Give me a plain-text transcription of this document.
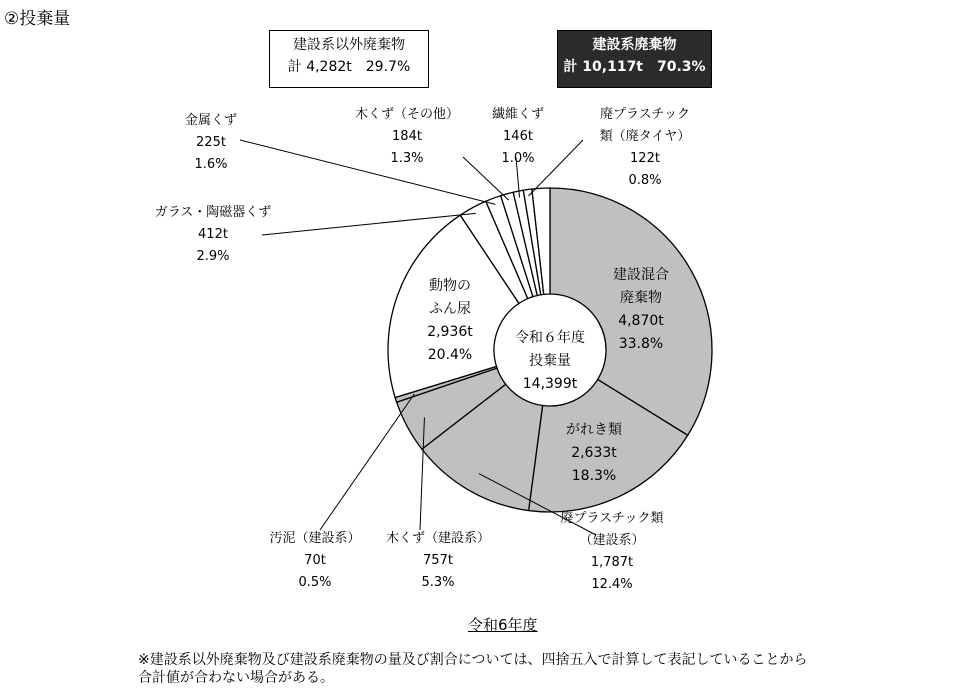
②投棄量
建設系以外廃棄物
計 4,282t　29.7%
建設系廃棄物
計 10,117t　70.3%
建設混合
廃棄物
4,870t
33.8%
がれき類
2,633t
18.3%
廃プラスチック類
（建設系）
1,787t
12.4%
木くず（建設系）
757t
5.3%
汚泥（建設系）
70t
0.5%
動物の
ふん尿
2,936t
20.4%
ガラス・陶磁器くず
412t
2.9%
金属くず
225t
1.6%
木くず（その他）
184t
1.3%
繊維くず
146t
1.0%
廃プラスチック
類（廃タイヤ）
122t
0.8%
令和６年度
投棄量
14,399t
令和6年度
※建設系以外廃棄物及び建設系廃棄物の量及び割合については、四捨五入で計算して表記していることから
合計値が合わない場合がある。
